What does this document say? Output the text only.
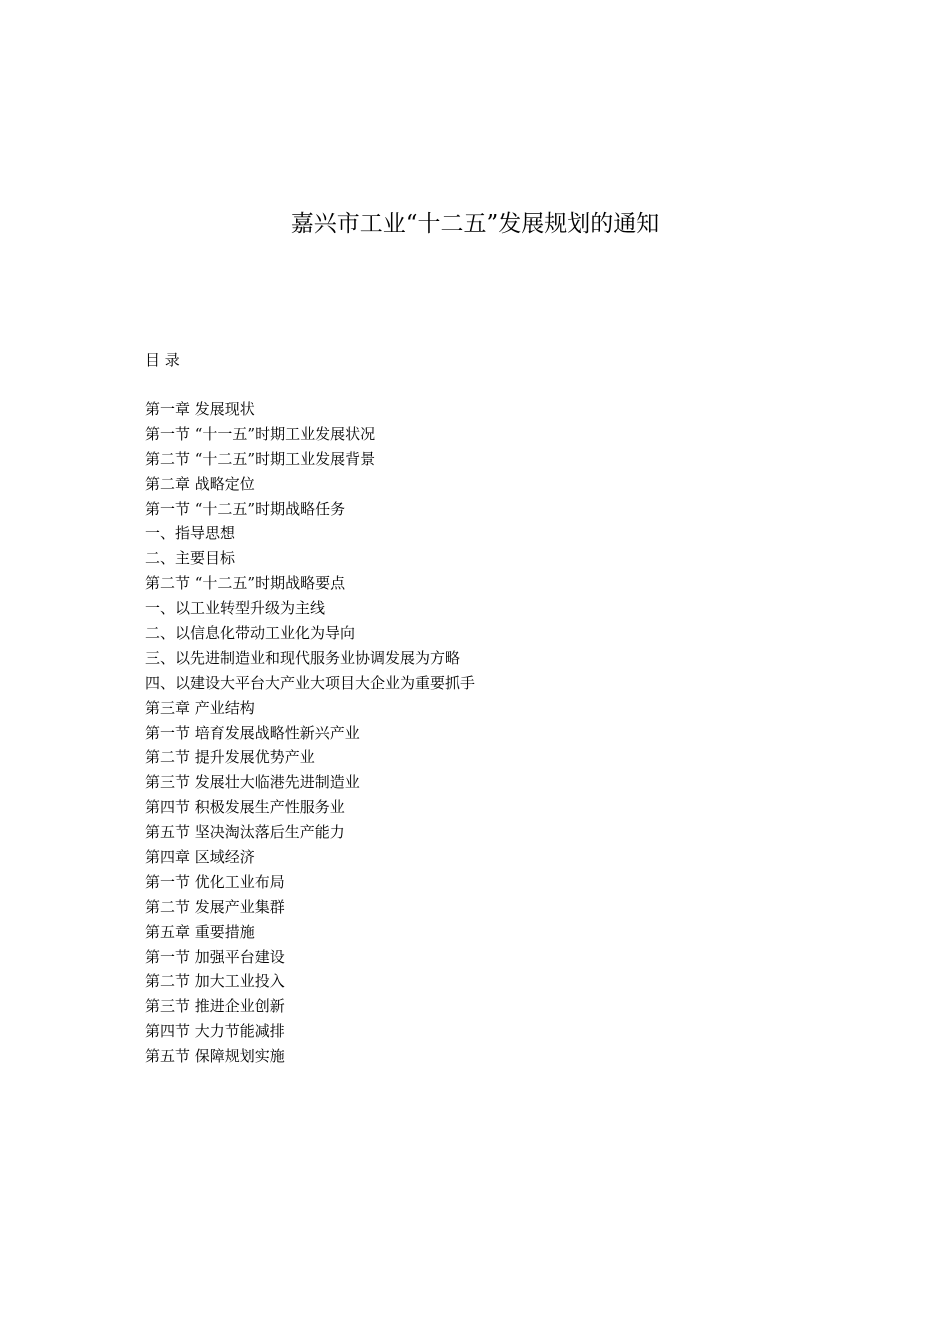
嘉兴市工业“十二五”发展规划的通知
目 录
第一章 发展现状
第一节 “十一五”时期工业发展状况
第二节 “十二五”时期工业发展背景
第二章 战略定位
第一节 “十二五”时期战略任务
一、指导思想
二、主要目标
第二节 “十二五”时期战略要点
一、以工业转型升级为主线
二、以信息化带动工业化为导向
三、以先进制造业和现代服务业协调发展为方略
四、以建设大平台大产业大项目大企业为重要抓手
第三章 产业结构
第一节 培育发展战略性新兴产业
第二节 提升发展优势产业
第三节 发展壮大临港先进制造业
第四节 积极发展生产性服务业
第五节 坚决淘汰落后生产能力
第四章 区域经济
第一节 优化工业布局
第二节 发展产业集群
第五章 重要措施
第一节 加强平台建设
第二节 加大工业投入
第三节 推进企业创新
第四节 大力节能减排
第五节 保障规划实施
